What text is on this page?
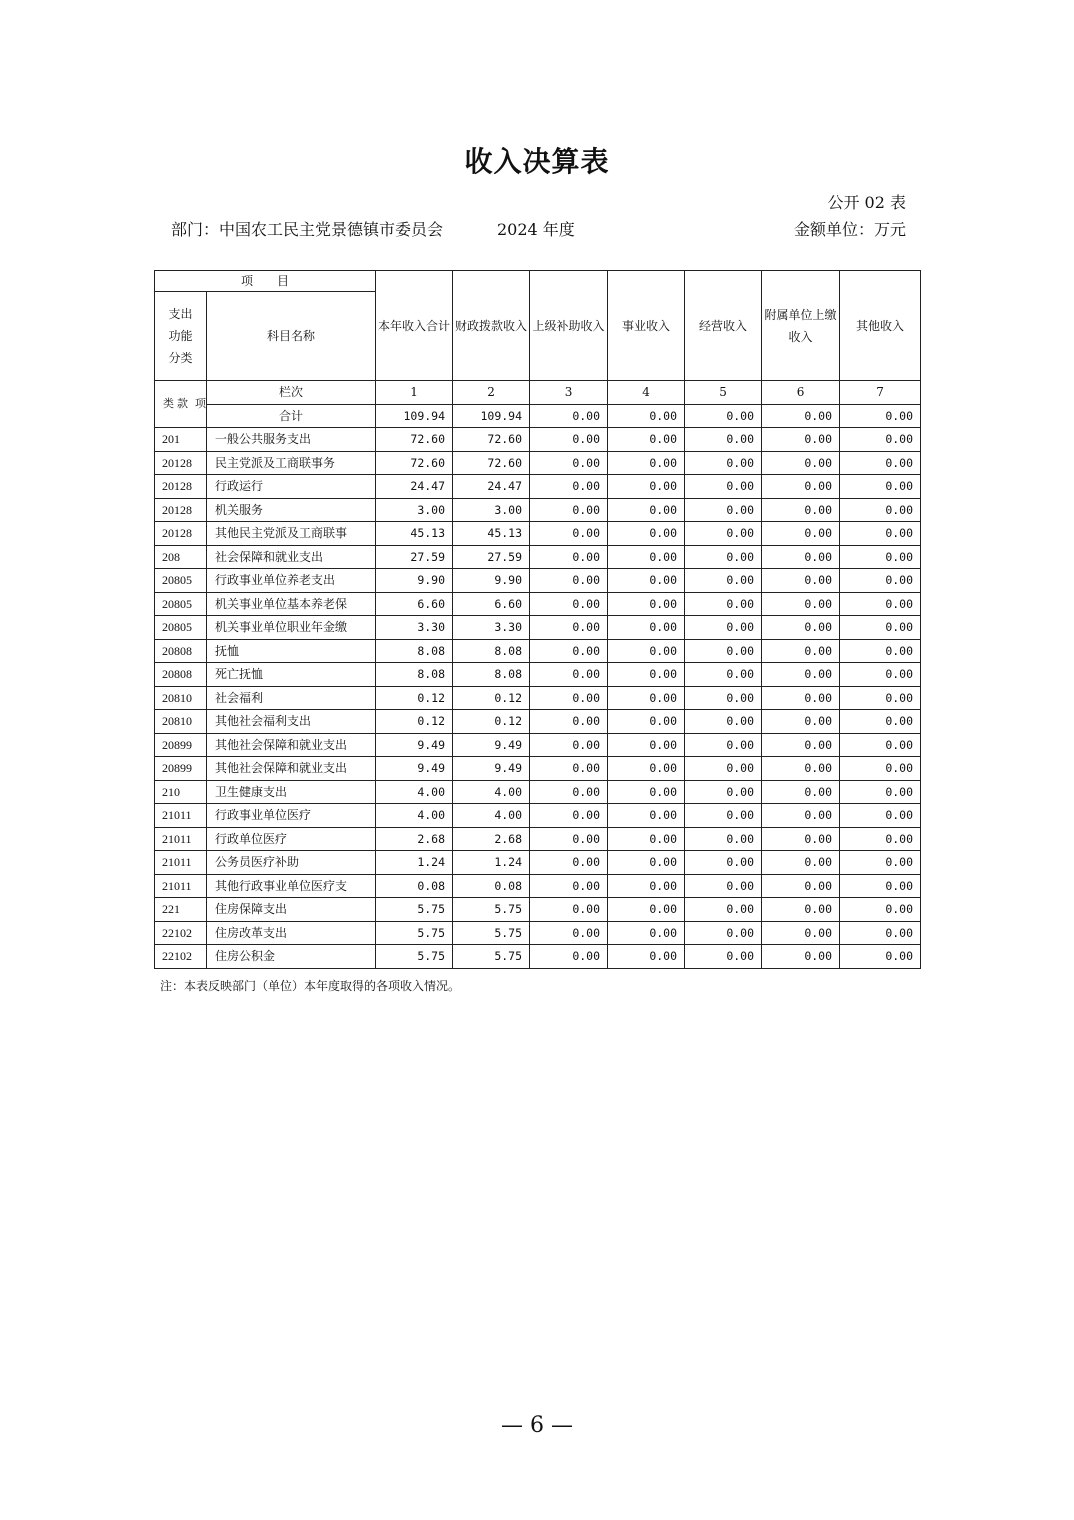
收入决算表
公开 02 表
部门：中国农工民主党景德镇市委员会	2024 年度	金额单位：万元
项　　目		本年收入合计	财政拨款收入	上级补助收入	事业收入	经营收入	附属单位上缴收入	其他收入
支出功能分类	科目名称							

类 款 项	栏次	1	2	3	4	5	6	7
	合计	109.94	109.94	0.00	0.00	0.00	0.00	0.00
201	一般公共服务支出	72.60	72.60	0.00	0.00	0.00	0.00	0.00
20128	民主党派及工商联事务	72.60	72.60	0.00	0.00	0.00	0.00	0.00
20128	行政运行	24.47	24.47	0.00	0.00	0.00	0.00	0.00
20128	机关服务	3.00	3.00	0.00	0.00	0.00	0.00	0.00
20128	其他民主党派及工商联事	45.13	45.13	0.00	0.00	0.00	0.00	0.00
208	社会保障和就业支出	27.59	27.59	0.00	0.00	0.00	0.00	0.00
20805	行政事业单位养老支出	9.90	9.90	0.00	0.00	0.00	0.00	0.00
20805	机关事业单位基本养老保	6.60	6.60	0.00	0.00	0.00	0.00	0.00
20805	机关事业单位职业年金缴	3.30	3.30	0.00	0.00	0.00	0.00	0.00
20808	抚恤	8.08	8.08	0.00	0.00	0.00	0.00	0.00
20808	死亡抚恤	8.08	8.08	0.00	0.00	0.00	0.00	0.00
20810	社会福利	0.12	0.12	0.00	0.00	0.00	0.00	0.00
20810	其他社会福利支出	0.12	0.12	0.00	0.00	0.00	0.00	0.00
20899	其他社会保障和就业支出	9.49	9.49	0.00	0.00	0.00	0.00	0.00
20899	其他社会保障和就业支出	9.49	9.49	0.00	0.00	0.00	0.00	0.00
210	卫生健康支出	4.00	4.00	0.00	0.00	0.00	0.00	0.00
21011	行政事业单位医疗	4.00	4.00	0.00	0.00	0.00	0.00	0.00
21011	行政单位医疗	2.68	2.68	0.00	0.00	0.00	0.00	0.00
21011	公务员医疗补助	1.24	1.24	0.00	0.00	0.00	0.00	0.00
21011	其他行政事业单位医疗支	0.08	0.08	0.00	0.00	0.00	0.00	0.00
221	住房保障支出	5.75	5.75	0.00	0.00	0.00	0.00	0.00
22102	住房改革支出	5.75	5.75	0.00	0.00	0.00	0.00	0.00
22102	住房公积金	5.75	5.75	0.00	0.00	0.00	0.00	0.00
注：本表反映部门（单位）本年度取得的各项收入情况。
— 6 —
